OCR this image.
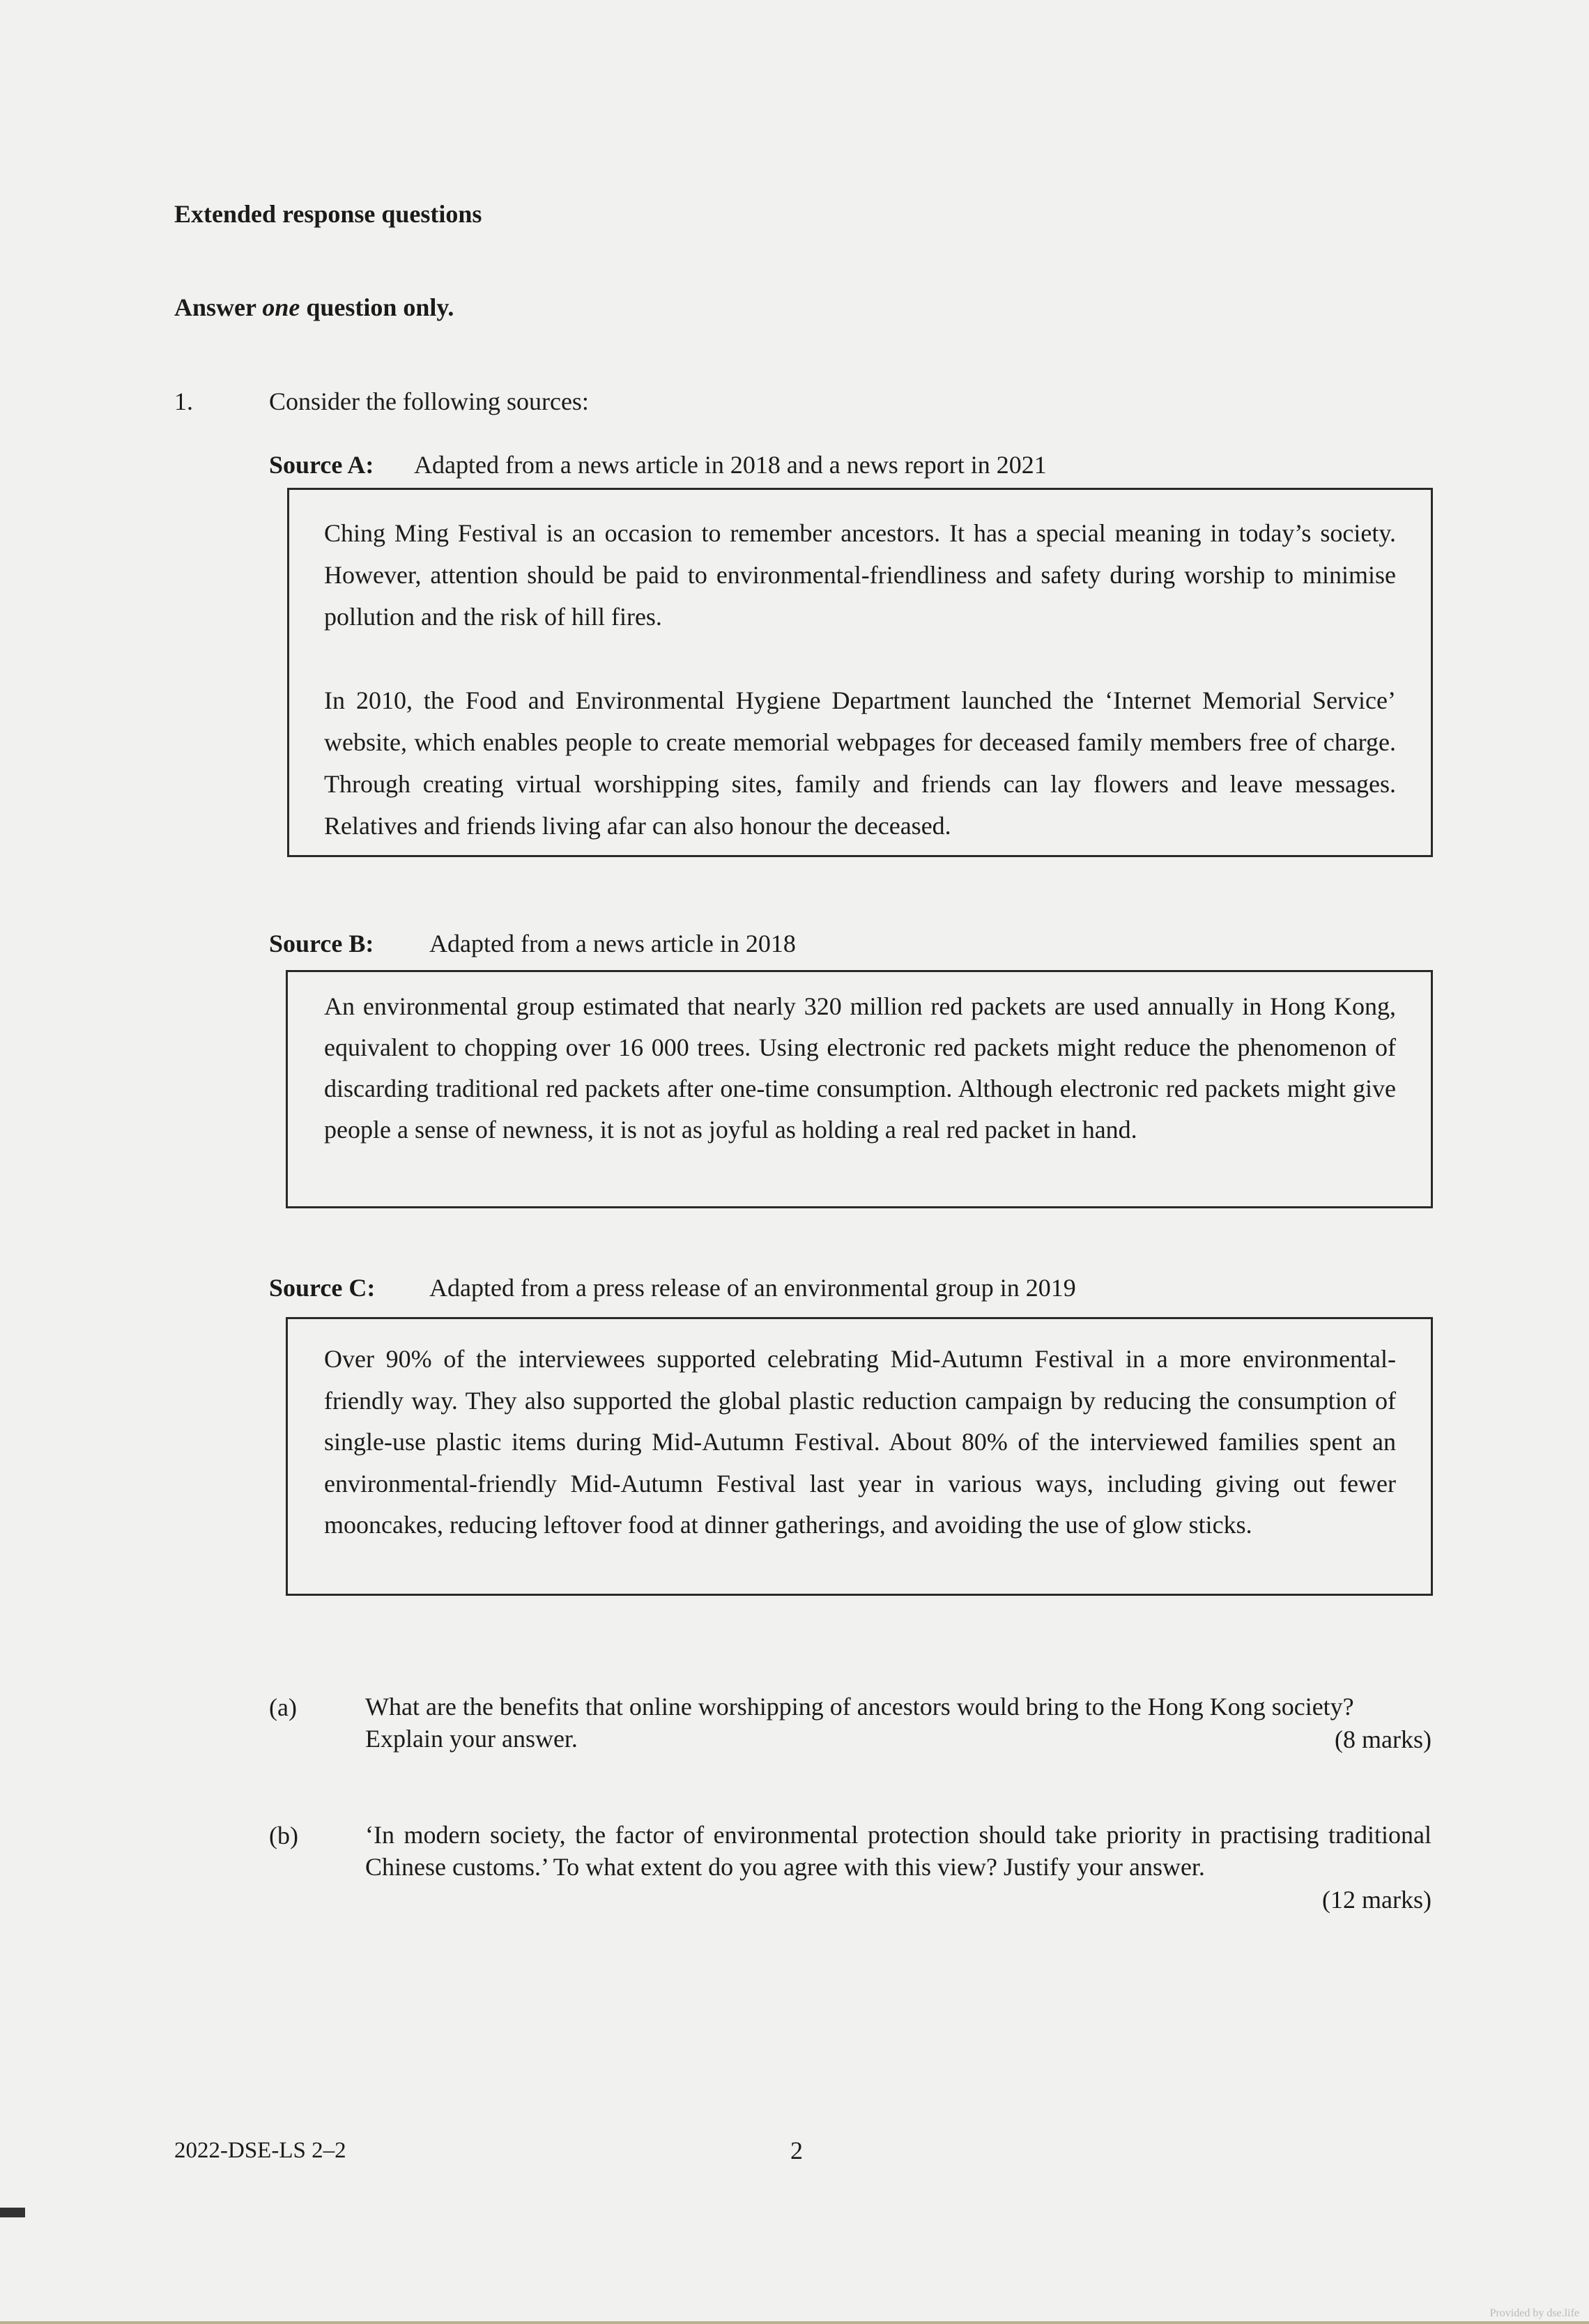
Extended response questions
Answer one question only.
1.	Consider the following sources:
Source A: Adapted from a news article in 2018 and a news report in 2021

Ching Ming Festival is an occasion to remember ancestors. It has a special meaning in today’s society. However, attention should be paid to environmental-friendliness and safety during worship to minimise pollution and the risk of hill fires.

In 2010, the Food and Environmental Hygiene Department launched the ‘Internet Memorial Service’ website, which enables people to create memorial webpages for deceased family members free of charge. Through creating virtual worshipping sites, family and friends can lay flowers and leave messages. Relatives and friends living afar can also honour the deceased.

Source B: Adapted from a news article in 2018

An environmental group estimated that nearly 320 million red packets are used annually in Hong Kong, equivalent to chopping over 16 000 trees. Using electronic red packets might reduce the phenomenon of discarding traditional red packets after one-time consumption. Although electronic red packets might give people a sense of newness, it is not as joyful as holding a real red packet in hand.

Source C: Adapted from a press release of an environmental group in 2019

Over 90% of the interviewees supported celebrating Mid-Autumn Festival in a more environmental-friendly way. They also supported the global plastic reduction campaign by reducing the consumption of single-use plastic items during Mid-Autumn Festival. About 80% of the interviewed families spent an environmental-friendly Mid-Autumn Festival last year in various ways, including giving out fewer mooncakes, reducing leftover food at dinner gatherings, and avoiding the use of glow sticks.

(a)	What are the benefits that online worshipping of ancestors would bring to the Hong Kong society? Explain your answer.	(8 marks)
(b)	‘In modern society, the factor of environmental protection should take priority in practising traditional Chinese customs.’ To what extent do you agree with this view? Justify your answer.
(12 marks)
2022-DSE-LS 2–2	2
Provided by dse.life
